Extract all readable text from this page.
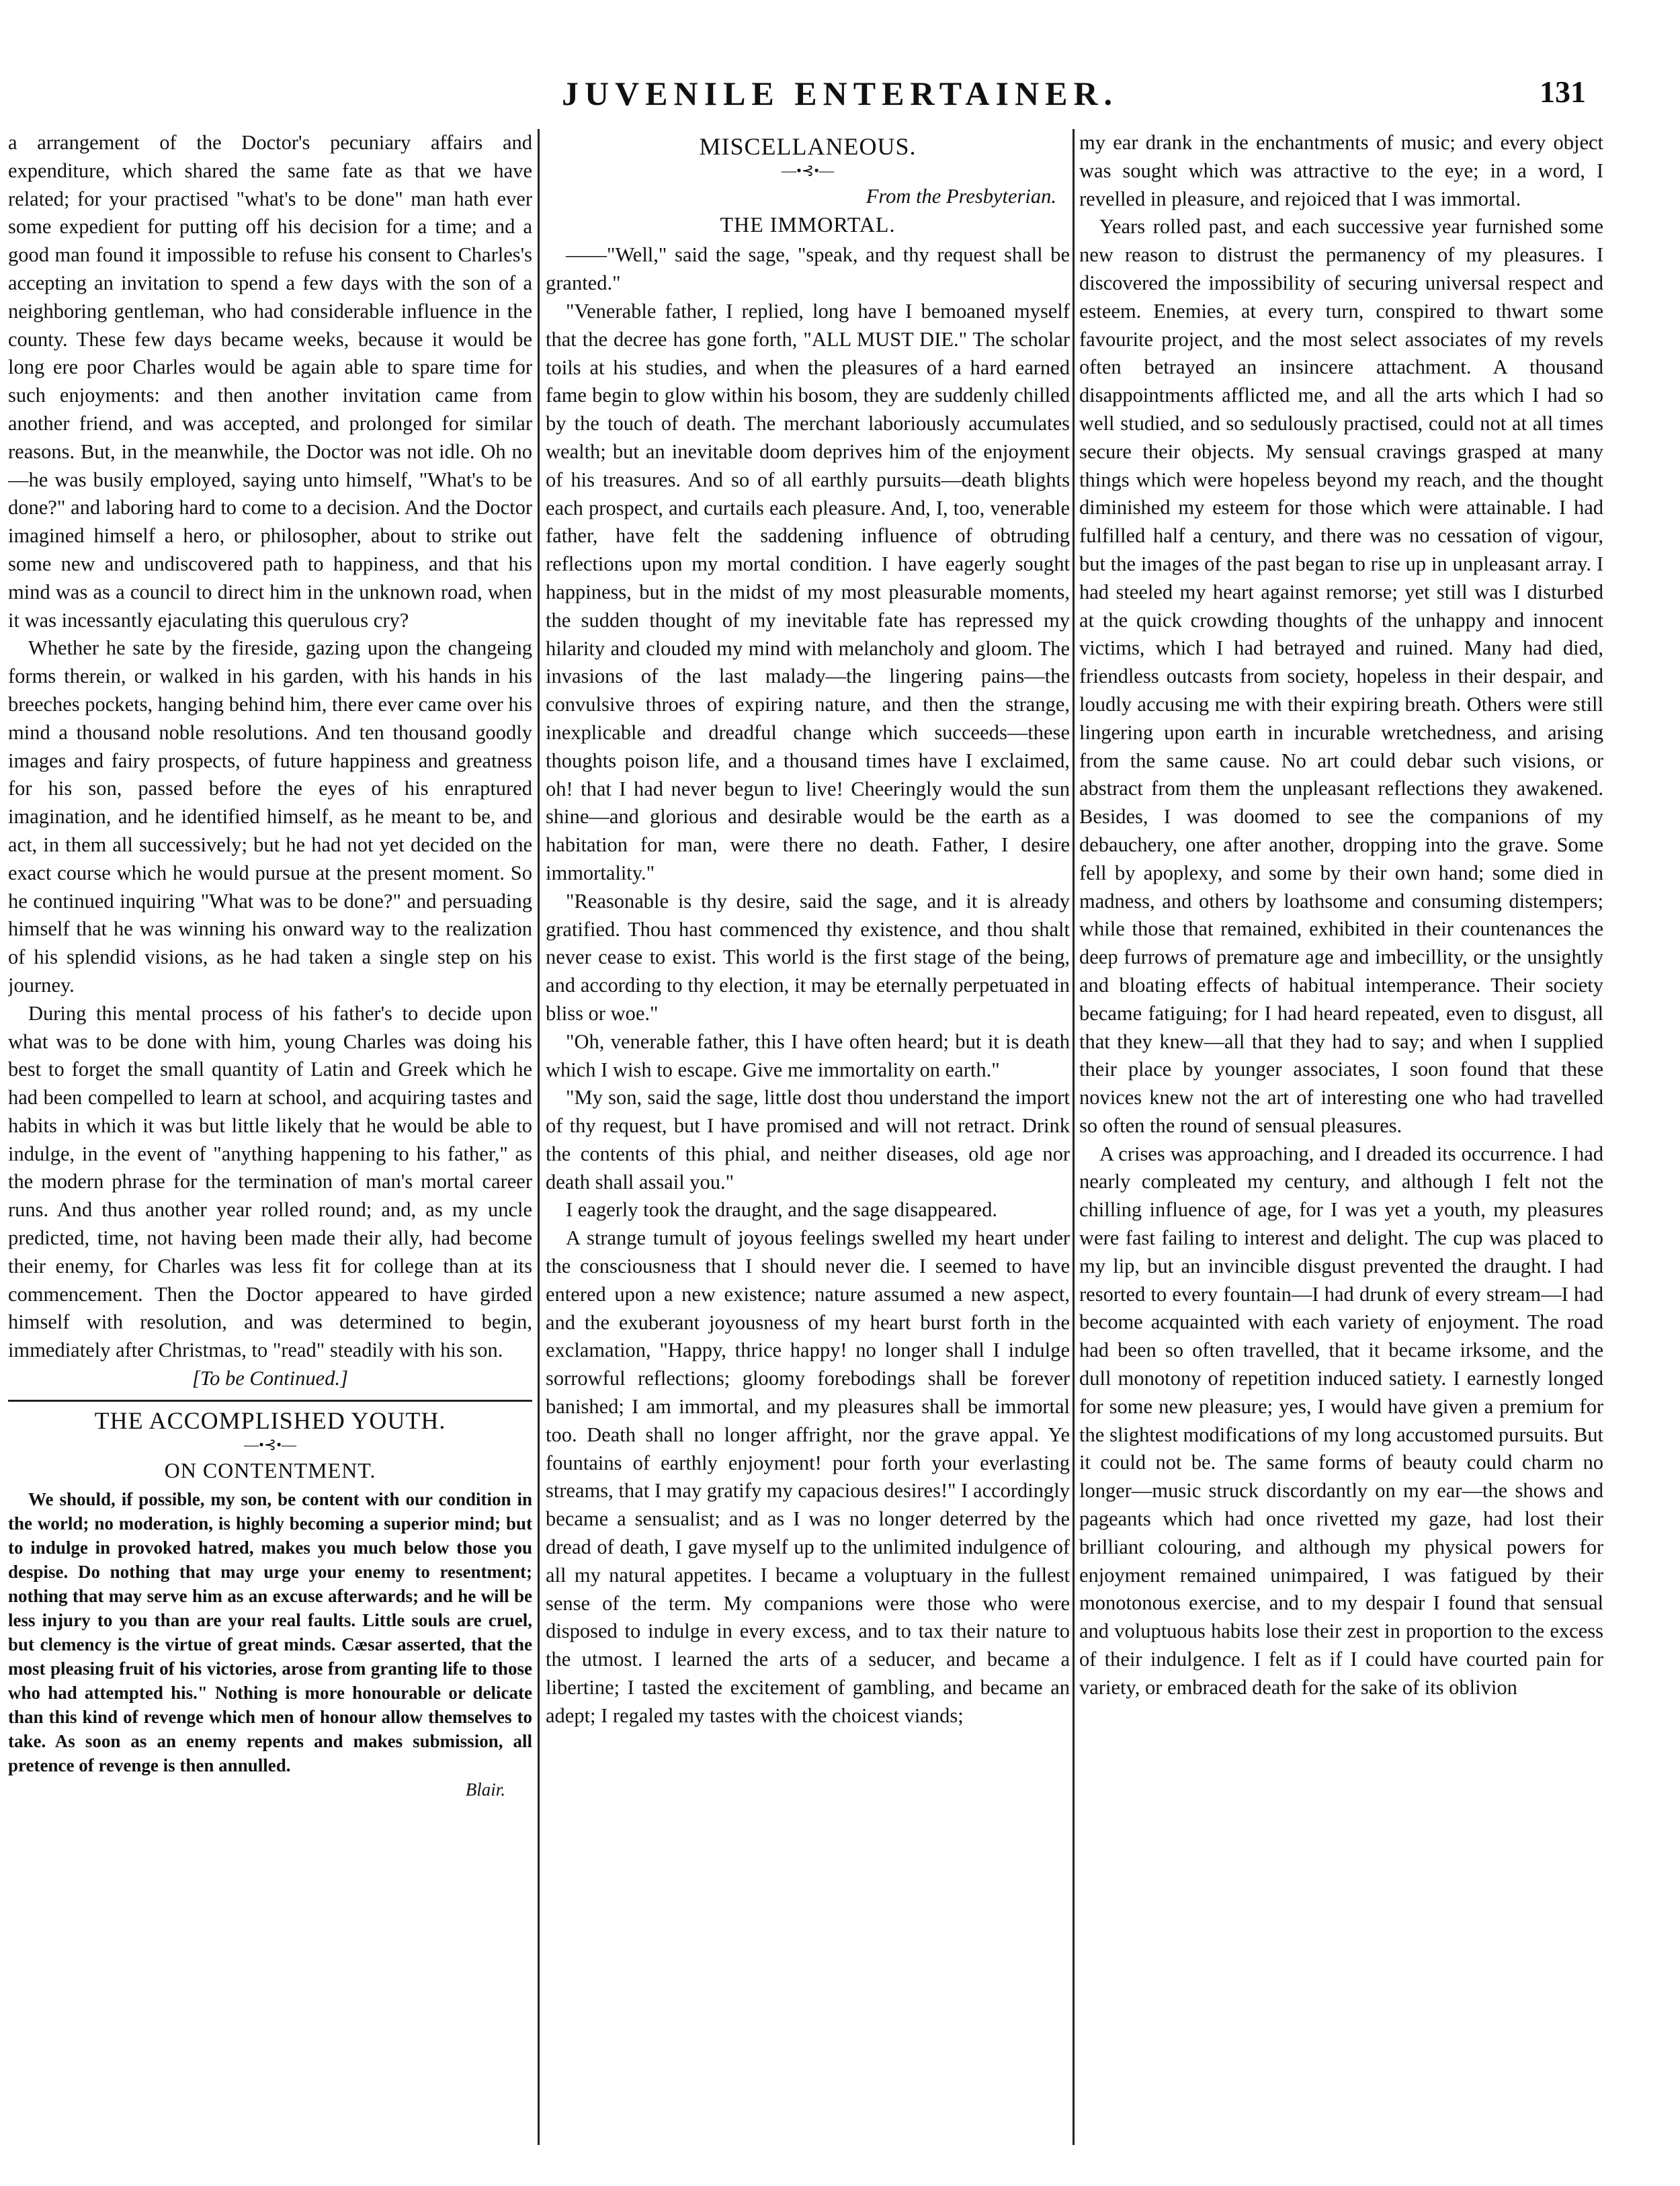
JUVENILE ENTERTAINER.	131

a arrangement of the Doctor's pecuniary affairs and expenditure, which shared the same fate as that we have related; for your practised "what's to be done" man hath ever some expedient for putting off his decision for a time; and a good man found it impossible to refuse his consent to Charles's accepting an invitation to spend a few days with the son of a neighboring gentleman, who had considerable influence in the county. These few days became weeks, because it would be long ere poor Charles would be again able to spare time for such enjoyments: and then another invitation came from another friend, and was accepted, and prolonged for similar reasons. But, in the meanwhile, the Doctor was not idle. Oh no—he was busily employed, saying unto himself, "What's to be done?" and laboring hard to come to a decision. And the Doctor imagined himself a hero, or philosopher, about to strike out some new and undiscovered path to happiness, and that his mind was as a council to direct him in the unknown road, when it was incessantly ejaculating this querulous cry?

Whether he sate by the fireside, gazing upon the changeing forms therein, or walked in his garden, with his hands in his breeches pockets, hanging behind him, there ever came over his mind a thousand noble resolutions. And ten thousand goodly images and fairy prospects, of future happiness and greatness for his son, passed before the eyes of his enraptured imagination, and he identified himself, as he meant to be, and act, in them all successively; but he had not yet decided on the exact course which he would pursue at the present moment. So he continued inquiring "What was to be done?" and persuading himself that he was winning his onward way to the realization of his splendid visions, as he had taken a single step on his journey.

During this mental process of his father's to decide upon what was to be done with him, young Charles was doing his best to forget the small quantity of Latin and Greek which he had been compelled to learn at school, and acquiring tastes and habits in which it was but little likely that he would be able to indulge, in the event of "anything happening to his father," as the modern phrase for the termination of man's mortal career runs. And thus another year rolled round; and, as my uncle predicted, time, not having been made their ally, had become their enemy, for Charles was less fit for college than at its commencement. Then the Doctor appeared to have girded himself with resolution, and was determined to begin, immediately after Christmas, to "read" steadily with his son.

[To be Continued.]
THE ACCOMPLISHED YOUTH.
—•⊰•—
ON CONTENTMENT.

We should, if possible, my son, be content with our condition in the world; no moderation, is highly becoming a superior mind; but to indulge in provoked hatred, makes you much below those you despise. Do nothing that may urge your enemy to resentment; nothing that may serve him as an excuse afterwards; and he will be less injury to you than are your real faults. Little souls are cruel, but clemency is the virtue of great minds. Cæsar asserted, that the most pleasing fruit of his victories, arose from granting life to those who had attempted his." Nothing is more honourable or delicate than this kind of revenge which men of honour allow themselves to take. As soon as an enemy repents and makes submission, all pretence of revenge is then annulled.

Blair.
MISCELLANEOUS.
—•⊰•—
From the Presbyterian.
THE IMMORTAL.

——"Well," said the sage, "speak, and thy request shall be granted."

"Venerable father, I replied, long have I bemoaned myself that the decree has gone forth, "ALL MUST DIE." The scholar toils at his studies, and when the pleasures of a hard earned fame begin to glow within his bosom, they are suddenly chilled by the touch of death. The merchant laboriously accumulates wealth; but an inevitable doom deprives him of the enjoyment of his treasures. And so of all earthly pursuits—death blights each prospect, and curtails each pleasure. And, I, too, venerable father, have felt the saddening influence of obtruding reflections upon my mortal condition. I have eagerly sought happiness, but in the midst of my most pleasurable moments, the sudden thought of my inevitable fate has repressed my hilarity and clouded my mind with melancholy and gloom. The invasions of the last malady—the lingering pains—the convulsive throes of expiring nature, and then the strange, inexplicable and dreadful change which succeeds—these thoughts poison life, and a thousand times have I exclaimed, oh! that I had never begun to live! Cheeringly would the sun shine—and glorious and desirable would be the earth as a habitation for man, were there no death. Father, I desire immortality."

"Reasonable is thy desire, said the sage, and it is already gratified. Thou hast commenced thy existence, and thou shalt never cease to exist. This world is the first stage of the being, and according to thy election, it may be eternally perpetuated in bliss or woe."

"Oh, venerable father, this I have often heard; but it is death which I wish to escape. Give me immortality on earth."

"My son, said the sage, little dost thou understand the import of thy request, but I have promised and will not retract. Drink the contents of this phial, and neither diseases, old age nor death shall assail you."

I eagerly took the draught, and the sage disappeared.

A strange tumult of joyous feelings swelled my heart under the consciousness that I should never die. I seemed to have entered upon a new existence; nature assumed a new aspect, and the exuberant joyousness of my heart burst forth in the exclamation, "Happy, thrice happy! no longer shall I indulge sorrowful reflections; gloomy forebodings shall be forever banished; I am immortal, and my pleasures shall be immortal too. Death shall no longer affright, nor the grave appal. Ye fountains of earthly enjoyment! pour forth your everlasting streams, that I may gratify my capacious desires!" I accordingly became a sensualist; and as I was no longer deterred by the dread of death, I gave myself up to the unlimited indulgence of all my natural appetites. I became a voluptuary in the fullest sense of the term. My companions were those who were disposed to indulge in every excess, and to tax their nature to the utmost. I learned the arts of a seducer, and became a libertine; I tasted the excitement of gambling, and became an adept; I regaled my tastes with the choicest viands;

my ear drank in the enchantments of music; and every object was sought which was attractive to the eye; in a word, I revelled in pleasure, and rejoiced that I was immortal.

Years rolled past, and each successive year furnished some new reason to distrust the permanency of my pleasures. I discovered the impossibility of securing universal respect and esteem. Enemies, at every turn, conspired to thwart some favourite project, and the most select associates of my revels often betrayed an insincere attachment. A thousand disappointments afflicted me, and all the arts which I had so well studied, and so sedulously practised, could not at all times secure their objects. My sensual cravings grasped at many things which were hopeless beyond my reach, and the thought diminished my esteem for those which were attainable. I had fulfilled half a century, and there was no cessation of vigour, but the images of the past began to rise up in unpleasant array. I had steeled my heart against remorse; yet still was I disturbed at the quick crowding thoughts of the unhappy and innocent victims, which I had betrayed and ruined. Many had died, friendless outcasts from society, hopeless in their despair, and loudly accusing me with their expiring breath. Others were still lingering upon earth in incurable wretchedness, and arising from the same cause. No art could debar such visions, or abstract from them the unpleasant reflections they awakened. Besides, I was doomed to see the companions of my debauchery, one after another, dropping into the grave. Some fell by apoplexy, and some by their own hand; some died in madness, and others by loathsome and consuming distempers; while those that remained, exhibited in their countenances the deep furrows of premature age and imbecillity, or the unsightly and bloating effects of habitual intemperance. Their society became fatiguing; for I had heard repeated, even to disgust, all that they knew—all that they had to say; and when I supplied their place by younger associates, I soon found that these novices knew not the art of interesting one who had travelled so often the round of sensual pleasures.

A crises was approaching, and I dreaded its occurrence. I had nearly compleated my century, and although I felt not the chilling influence of age, for I was yet a youth, my pleasures were fast failing to interest and delight. The cup was placed to my lip, but an invincible disgust prevented the draught. I had resorted to every fountain—I had drunk of every stream—I had become acquainted with each variety of enjoyment. The road had been so often travelled, that it became irksome, and the dull monotony of repetition induced satiety. I earnestly longed for some new pleasure; yes, I would have given a premium for the slightest modifications of my long accustomed pursuits. But it could not be. The same forms of beauty could charm no longer—music struck discordantly on my ear—the shows and pageants which had once rivetted my gaze, had lost their brilliant colouring, and although my physical powers for enjoyment remained unimpaired, I was fatigued by their monotonous exercise, and to my despair I found that sensual and voluptuous habits lose their zest in proportion to the excess of their indulgence. I felt as if I could have courted pain for variety, or embraced death for the sake of its oblivion
